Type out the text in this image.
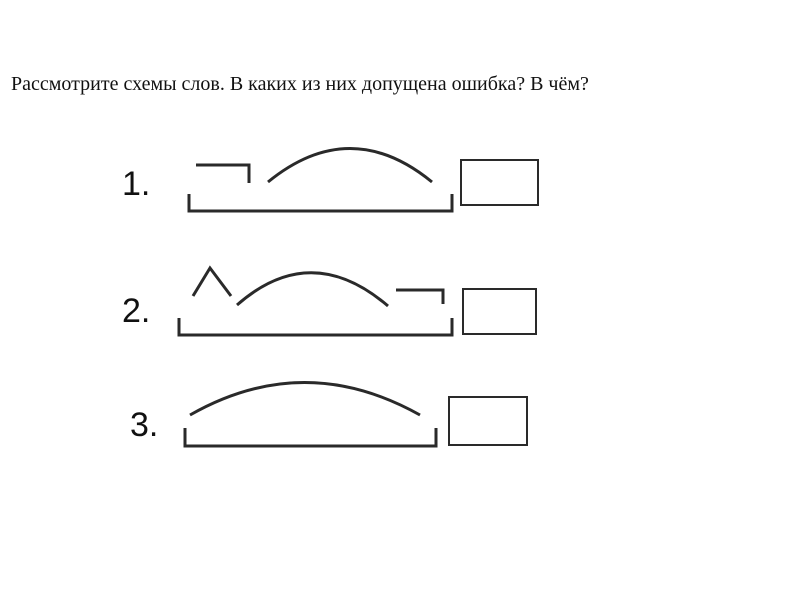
Рассмотрите схемы слов. В каких из них допущена ошибка? В чём?
1.
2.
3.
